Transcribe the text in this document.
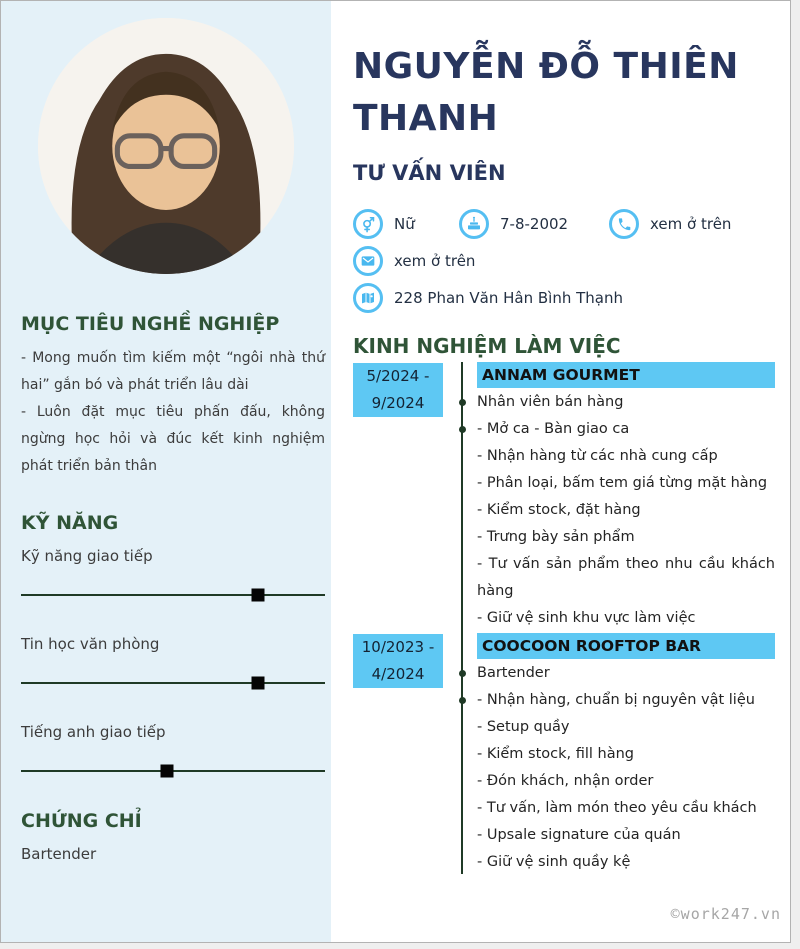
MỤC TIÊU NGHỀ NGHIỆP

- Mong muốn tìm kiếm một “ngôi nhà thứ hai” gắn bó và phát triển lâu dài

- Luôn đặt mục tiêu phấn đấu, không ngừng học hỏi và đúc kết kinh nghiệm phát triển bản thân

KỸ NĂNG
Kỹ năng giao tiếp
Tin học văn phòng
Tiếng anh giao tiếp
CHỨNG CHỈ
Bartender
NGUYỄN ĐỖ THIÊN THANH
TƯ VẤN VIÊN
Nữ	7-8-2002	xem ở trên
xem ở trên
228 Phan Văn Hân Bình Thạnh
KINH NGHIỆM LÀM VIỆC
5/2024 -
9/2024
ANNAM GOURMET
Nhân viên bán hàng
- Mở ca - Bàn giao ca
- Nhận hàng từ các nhà cung cấp
- Phân loại, bấm tem giá từng mặt hàng
- Kiểm stock, đặt hàng
- Trưng bày sản phẩm
- Tư vấn sản phẩm theo nhu cầu khách hàng
- Giữ vệ sinh khu vực làm việc
10/2023 -
4/2024
COOCOON ROOFTOP BAR
Bartender
- Nhận hàng, chuẩn bị nguyên vật liệu
- Setup quầy
- Kiểm stock, fill hàng
- Đón khách, nhận order
- Tư vấn, làm món theo yêu cầu khách
- Upsale signature của quán
- Giữ vệ sinh quầy kệ
©work247.vn
